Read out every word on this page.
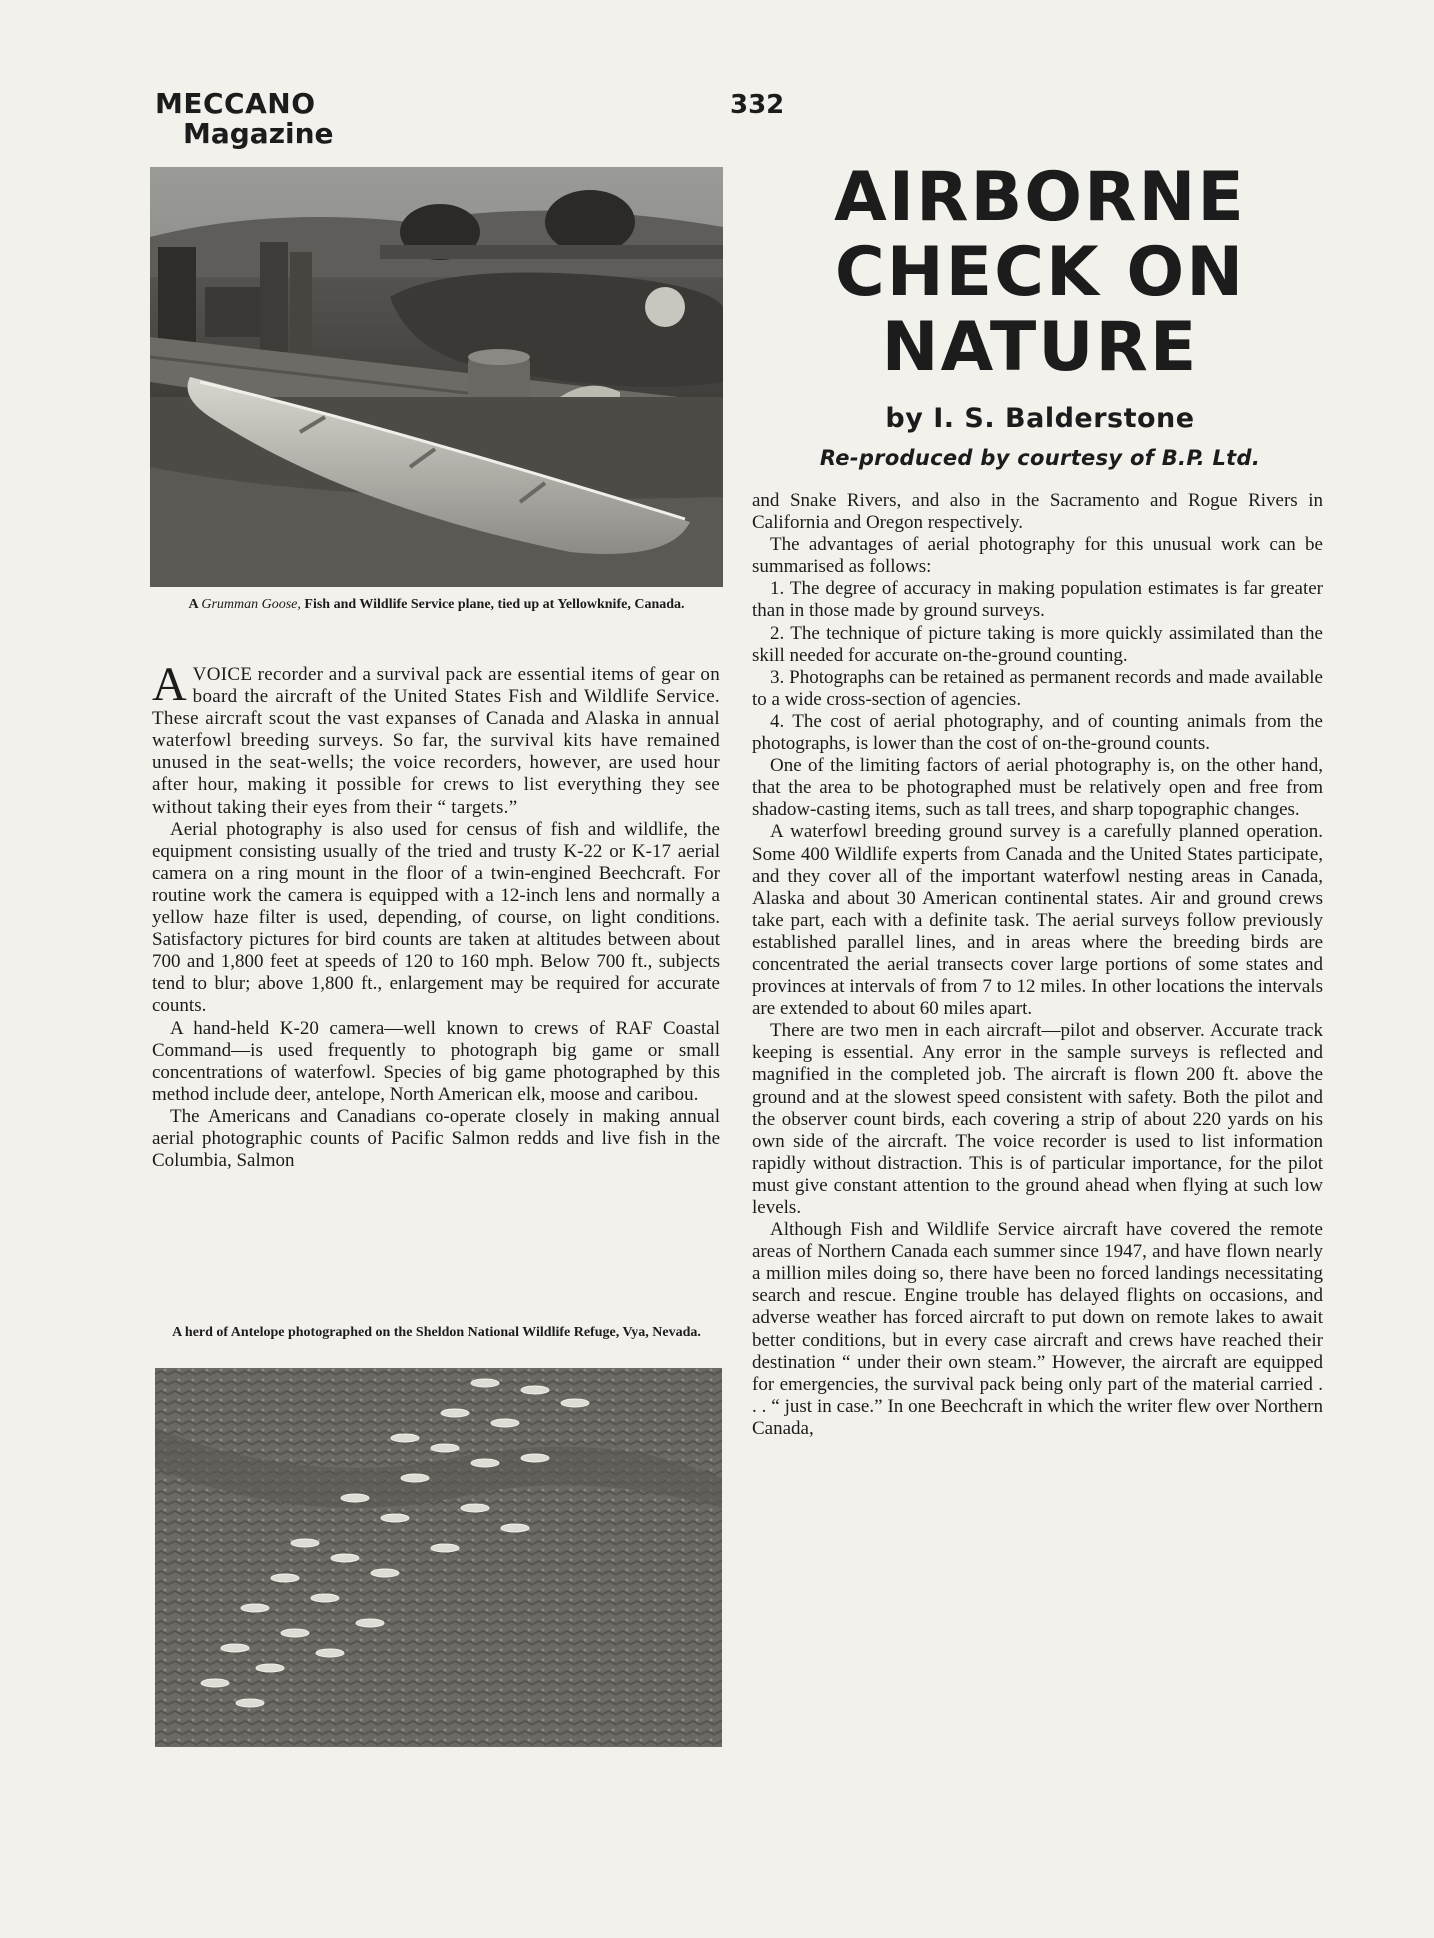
MECCANO
Magazine
332
A Grumman Goose, Fish and Wildlife Service plane, tied up at Yellowknife, Canada.
AIRBORNE
CHECK ON
NATURE
by I. S. Balderstone
Re-produced by courtesy of B.P. Ltd.

AVOICE recorder and a survival pack are essential items of gear on board the aircraft of the United States Fish and Wildlife Service. These aircraft scout the vast expanses of Canada and Alaska in annual waterfowl breeding surveys. So far, the survival kits have remained unused in the seat-wells; the voice recorders, however, are used hour after hour, making it possible for crews to list everything they see without taking their eyes from their “ targets.”

Aerial photography is also used for census of fish and wildlife, the equipment consisting usually of the tried and trusty K-22 or K-17 aerial camera on a ring mount in the floor of a twin-engined Beechcraft. For routine work the camera is equipped with a 12-inch lens and normally a yellow haze filter is used, depending, of course, on light conditions. Satisfactory pictures for bird counts are taken at altitudes between about 700 and 1,800 feet at speeds of 120 to 160 mph. Below 700 ft., subjects tend to blur; above 1,800 ft., enlargement may be required for accurate counts.

A hand-held K-20 camera—well known to crews of RAF Coastal Command—is used frequently to photograph big game or small concentrations of waterfowl. Species of big game photographed by this method include deer, antelope, North American elk, moose and caribou.

The Americans and Canadians co-operate closely in making annual aerial photographic counts of Pacific Salmon redds and live fish in the Columbia, Salmon

A herd of Antelope photographed on the Sheldon National Wildlife Refuge, Vya, Nevada.

and Snake Rivers, and also in the Sacramento and Rogue Rivers in California and Oregon respectively.

The advantages of aerial photography for this unusual work can be summarised as follows:

1. The degree of accuracy in making population estimates is far greater than in those made by ground surveys.

2. The technique of picture taking is more quickly assimilated than the skill needed for accurate on-the-ground counting.

3. Photographs can be retained as permanent records and made available to a wide cross-section of agencies.

4. The cost of aerial photography, and of counting animals from the photographs, is lower than the cost of on-the-ground counts.

One of the limiting factors of aerial photography is, on the other hand, that the area to be photographed must be relatively open and free from shadow-casting items, such as tall trees, and sharp topographic changes.

A waterfowl breeding ground survey is a carefully planned operation. Some 400 Wildlife experts from Canada and the United States participate, and they cover all of the important waterfowl nesting areas in Canada, Alaska and about 30 American continental states. Air and ground crews take part, each with a definite task. The aerial surveys follow previously established parallel lines, and in areas where the breeding birds are concentrated the aerial transects cover large portions of some states and provinces at intervals of from 7 to 12 miles. In other locations the intervals are extended to about 60 miles apart.

There are two men in each aircraft—pilot and observer. Accurate track keeping is essential. Any error in the sample surveys is reflected and magnified in the completed job. The aircraft is flown 200 ft. above the ground and at the slowest speed consistent with safety. Both the pilot and the observer count birds, each covering a strip of about 220 yards on his own side of the aircraft. The voice recorder is used to list information rapidly without distraction. This is of particular importance, for the pilot must give constant attention to the ground ahead when flying at such low levels.

Although Fish and Wildlife Service aircraft have covered the remote areas of Northern Canada each summer since 1947, and have flown nearly a million miles doing so, there have been no forced landings necessitating search and rescue. Engine trouble has delayed flights on occasions, and adverse weather has forced aircraft to put down on remote lakes to await better conditions, but in every case aircraft and crews have reached their destination “ under their own steam.” However, the aircraft are equipped for emergencies, the survival pack being only part of the material carried . . . “ just in case.” In one Beechcraft in which the writer flew over Northern Canada,
